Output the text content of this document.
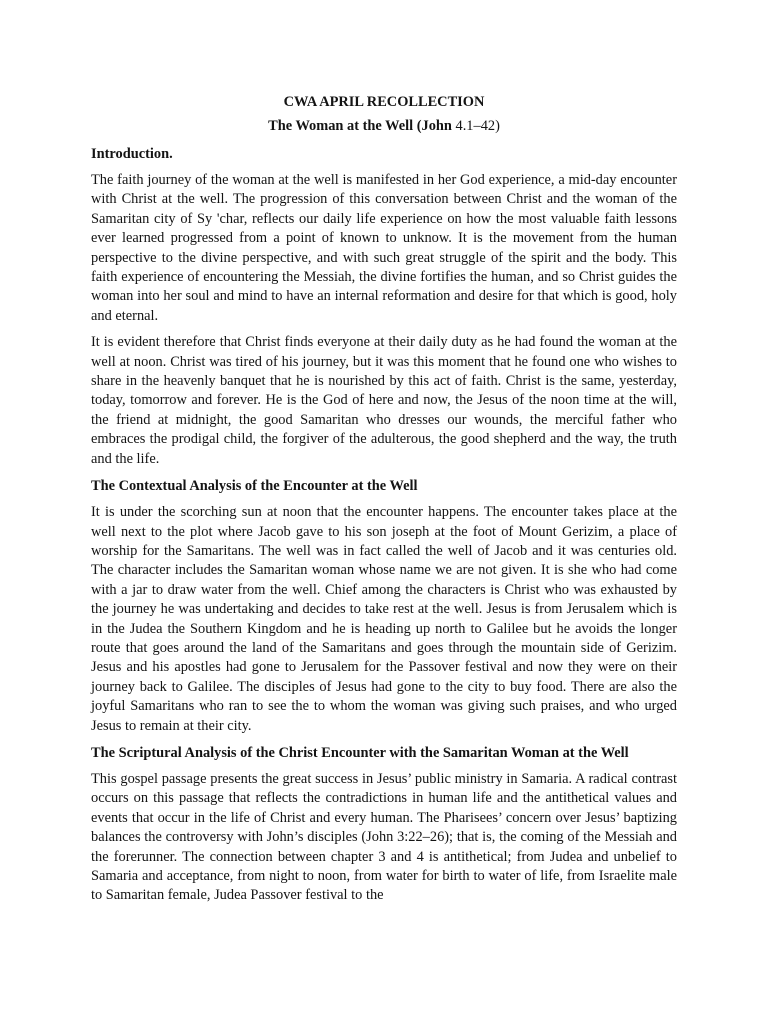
CWA APRIL RECOLLECTION
The Woman at the Well (John 4.1–42)
Introduction.
The faith journey of the woman at the well is manifested in her God experience, a mid-day encounter with Christ at the well. The progression of this conversation between Christ and the woman of the Samaritan city of Sy 'char, reflects our daily life experience on how the most valuable faith lessons ever learned progressed from a point of known to unknow. It is the movement from the human perspective to the divine perspective, and with such great struggle of the spirit and the body. This faith experience of encountering the Messiah, the divine fortifies the human, and so Christ guides the woman into her soul and mind to have an internal reformation and desire for that which is good, holy and eternal.
It is evident therefore that Christ finds everyone at their daily duty as he had found the woman at the well at noon. Christ was tired of his journey, but it was this moment that he found one who wishes to share in the heavenly banquet that he is nourished by this act of faith. Christ is the same, yesterday, today, tomorrow and forever. He is the God of here and now, the Jesus of the noon time at the will, the friend at midnight, the good Samaritan who dresses our wounds, the merciful father who embraces the prodigal child, the forgiver of the adulterous, the good shepherd and the way, the truth and the life.
The Contextual Analysis of the Encounter at the Well
It is under the scorching sun at noon that the encounter happens. The encounter takes place at the well next to the plot where Jacob gave to his son joseph at the foot of Mount Gerizim, a place of worship for the Samaritans. The well was in fact called the well of Jacob and it was centuries old. The character includes the Samaritan woman whose name we are not given. It is she who had come with a jar to draw water from the well. Chief among the characters is Christ who was exhausted by the journey he was undertaking and decides to take rest at the well. Jesus is from Jerusalem which is in the Judea the Southern Kingdom and he is heading up north to Galilee but he avoids the longer route that goes around the land of the Samaritans and goes through the mountain side of Gerizim. Jesus and his apostles had gone to Jerusalem for the Passover festival and now they were on their journey back to Galilee. The disciples of Jesus had gone to the city to buy food. There are also the joyful Samaritans who ran to see the to whom the woman was giving such praises, and who urged Jesus to remain at their city.
The Scriptural Analysis of the Christ Encounter with the Samaritan Woman at the Well
This gospel passage presents the great success in Jesus’ public ministry in Samaria. A radical contrast occurs on this passage that reflects the contradictions in human life and the antithetical values and events that occur in the life of Christ and every human. The Pharisees’ concern over Jesus’ baptizing balances the controversy with John’s disciples (John 3:22–26); that is, the coming of the Messiah and the forerunner. The connection between chapter 3 and 4 is antithetical; from Judea and unbelief to Samaria and acceptance, from night to noon, from water for birth to water of life, from Israelite male to Samaritan female, Judea Passover festival to the
